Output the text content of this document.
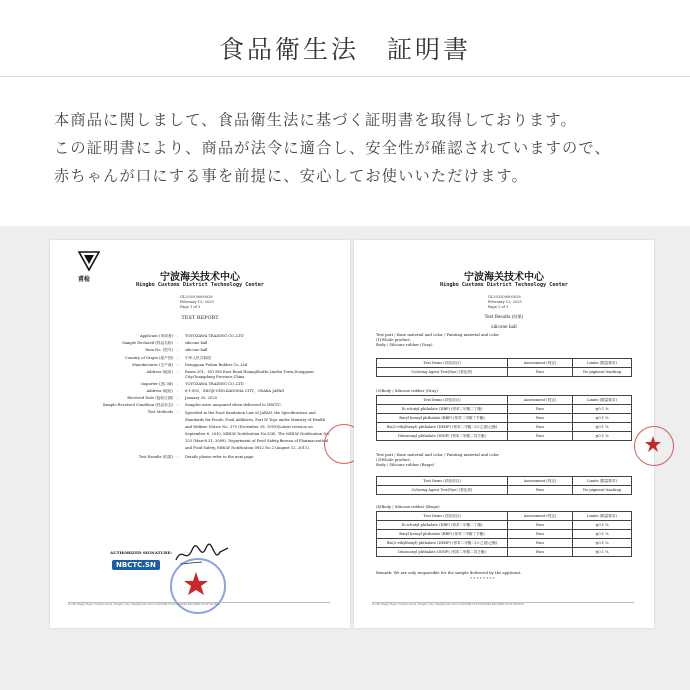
食品衛生法　証明書
本商品に関しまして、食品衛生法に基づく証明書を取得しております。
この証明書により、商品が法令に適合し、安全性が確認されていますので、
赤ちゃんが口にする事を前提に、安心してお使いいただけます。
甫检	宁波海关技术中心
Ningbo Customs District Technology Center
GL292500000028
February 13, 2025
Page 1 of 3
TEST REPORT
Applicant (申请者)	:	TOYOZAWA TRADING CO.,LTD
Sample Declared (样品名称)	:	silicone ball
Item No. (型号)	:	silicone ball
Country of Origin (原产国)	:	中华人民共和国
Manufacturer (生产商)	:	Dongguan Fuhon Rubber Co.,Ltd
Address (地址)	:	Room 201，NO.180 East Road HuangShaHe,Liaobu Town,Dongguan City,Guangdong Province,China
Importer (进口商)	:	TOYOZAWA TRADING CO.,LTD
Address (地址)	:	6-1-802，SHOJI-CHO,KADOMA CITY，OSAKA JAPAN
Received Date (接收日期)	:	January 20, 2025
Sample Received Condition (样品状态)	:	Samples were unopened when delivered to NBCTC.
Test Methods	:	Specified in the Food Sanitation Law of JAPAN, the Specifications and Standards for Foods, Food Additives, Part Ⅳ Toys under Ministry of Health and Welfare Notice No. 370 (December 28, 1959)(Latest revision on September 6, 2010, MHLW Notification No.336). The MHLW Notification No. 153 (March 31, 2008). Department of Food Safety,Bureau of Pharmaceutical and Food Safety, MHLW Notification 0812 No.2 (August 12, 2011).
Test Results (结果)	:	Details please refer to the next page.
AUTHORIZED SIGNATURE:
NBCTC.SN
No.66 Qingyi Road, Yinzhou Zone, Ningbo City, Zhejiang Province Tel:0086-574-87023909 Fax:0086-574-87022819
宁波海关技术中心
Ningbo Customs District Technology Center
GL292500000028
February 13, 2025
Page 2 of 3
Test Results (结果)
silicone ball
Test part / Base material and color / Painting material and color
(1)Whole product:
Body / Silicone rubber (Gray)
Test Items (试验项目)	Assessment (判定)	Limits (限量要求)
Coloring Agent Test(Dye) (着色剂)	Pass	No pigment leaching
(2)Body / Silicone rubber (Gray)
Test Items (试验项目)	Assessment (判定)	Limits (限量要求)
Di n-butyl phthalate (DBP) (邻苯二甲酸二丁酯)	Pass	≦0.1 %
Butyl benzyl phthalate (BBP) (邻苯二甲酸丁苄酯)	Pass	≦0.1 %
Bis(2-ethylhexyl) phthalate (DEHP) (邻苯二甲酸二(2-乙基)己酯)	Pass	≦0.1 %
Diisononyl phthalate (DINP) (邻苯二甲酸二异壬酯)	Pass	≦0.1 %
Test part / Base material and color / Painting material and color
(3)Whole product:
Body / Silicone rubber (Beige)
Test Items (试验项目)	Assessment (判定)	Limits (限量要求)
Coloring Agent Test(Dye) (着色剂)	Pass	No pigment leaching
(4)Body / Silicone rubber (Beige)
Test Items (试验项目)	Assessment (判定)	Limits (限量要求)
Di n-butyl phthalate (DBP) (邻苯二甲酸二丁酯)	Pass	≦0.1 %
Butyl benzyl phthalate (BBP) (邻苯二甲酸丁苄酯)	Pass	≦0.1 %
Bis(2-ethylhexyl) phthalate (DEHP) (邻苯二甲酸二(2-乙基)己酯)	Pass	≦0.1 %
Diisononyl phthalate (DINP) (邻苯二甲酸二异壬酯)	Pass	≦0.1 %
Remark: We are only responsible for the sample delivered by the applicant.
* * * * * * * *
No.66 Qingyi Road, Yinzhou Zone, Ningbo City, Zhejiang Province Tel:0086-574-87023909 Fax:0086-574-87022819
